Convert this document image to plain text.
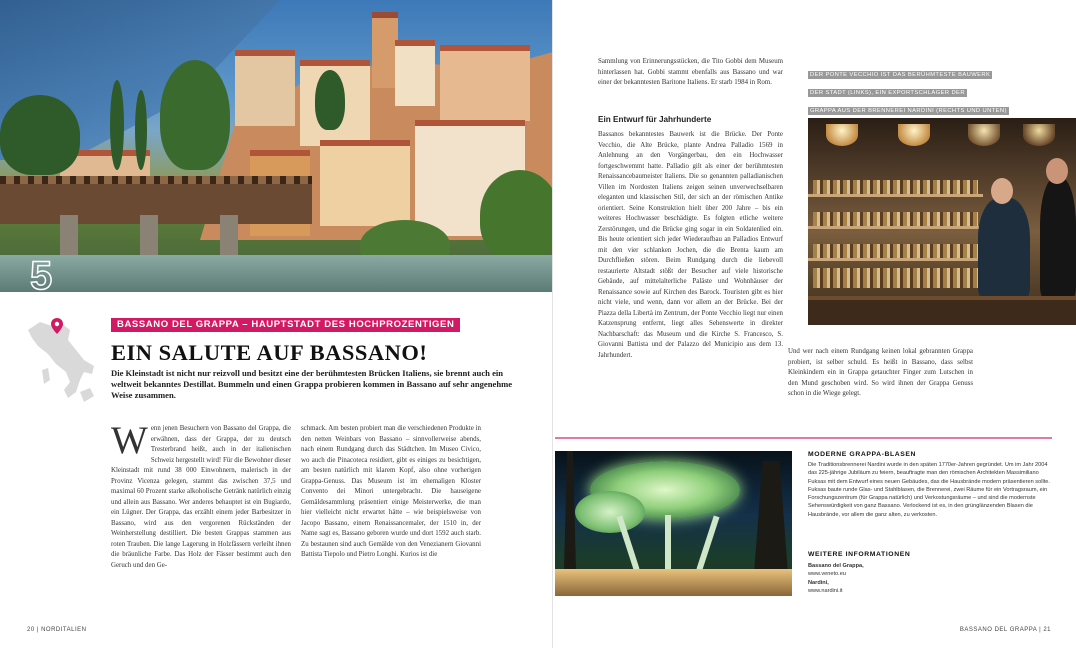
5
BASSANO DEL GRAPPA – HAUPTSTADT DES HOCHPROZENTIGEN
EIN SALUTE AUF BASSANO!
Die Kleinstadt ist nicht nur reizvoll und besitzt eine der berühmtesten Brücken Italiens, sie brennt auch ein weltweit bekanntes Destillat. Bummeln und einen Grappa probieren kommen in Bassano auf sehr angenehme Weise zusammen.
Wenn jenen Besuchern von Bassano del Grappa, die erwähnen, dass der Grappa, der zu deutsch Tresterbrand heißt, auch in der italienischen Schweiz hergestellt wird! Für die Bewohner dieser Kleinstadt mit rund 38 000 Einwohnern, malerisch in der Provinz Vicenza gelegen, stammt das zwischen 37,5 und maximal 60 Prozent starke alkoholische Getränk natürlich einzig und allein aus Bassano. Wer anderes behauptet ist ein Bugiardo, ein Lügner. Der Grappa, das erzählt einem jeder Barbesitzer in Bassano, wird aus den vergorenen Rückständen der Weinherstellung destilliert. Die besten Grappas stammen aus roten Trauben. Die lange Lagerung in Holzfässern verleiht ihnen die bräunliche Farbe. Das Holz der Fässer bestimmt auch den Geruch und den Ge-
schmack. Am besten probiert man die verschiedenen Produkte in den netten Weinbars von Bassano – sinnvollerweise abends, nach einem Rundgang durch das Städtchen. Im Museo Civico, wo auch die Pinacoteca residiert, gibt es einiges zu besichtigen, am besten natürlich mit klarem Kopf, also ohne vorherigen Grappa-Genuss. Das Museum ist im ehemaligen Kloster Convento dei Minori untergebracht. Die hauseigene Gemäldesammlung präsentiert einige Meisterwerke, die man hier vielleicht nicht erwartet hätte – wie beispielsweise von Jacopo Bassano, einem Renaissancemaler, der 1510 in, der Name sagt es, Bassano geboren wurde und dort 1592 auch starb. Zu bestaunen sind auch Gemälde von den Venezianern Giovanni Battista Tiepolo und Pietro Longhi. Kurios ist die
20 | NORDITALIEN
Sammlung von Erinnerungsstücken, die Tito Gobbi dem Museum hinterlassen hat. Gobbi stammt ebenfalls aus Bassano und war einer der bekanntesten Baritone Italiens. Er starb 1984 in Rom.
Ein Entwurf für Jahrhunderte
Bassanos bekanntestes Bauwerk ist die Brücke. Der Ponte Vecchio, die Alte Brücke, plante Andrea Palladio 1569 in Anlehnung an den Vorgängerbau, den ein Hochwasser fortgeschwemmt hatte. Palladio gilt als einer der berühmtesten Renaissancebaumeister Italiens. Die so genannten palladianischen Villen im Nordosten Italiens zeigen seinen unverwechselbaren eleganten und klassischen Stil, der sich an der römischen Antike orientiert. Seine Konstruktion hielt über 200 Jahre – bis ein weiteres Hochwasser beschädigte. Es folgten etliche weitere Zerstörungen, und die Brücke ging sogar in ein Soldatenlied ein. Bis heute orientiert sich jeder Wiederaufbau an Palladios Entwurf mit den vier schlanken Jochen, die die Brenta kaum am Durchfließen stören. Beim Rundgang durch die liebevoll restaurierte Altstadt stößt der Besucher auf viele historische Gebäude, auf mittelalterliche Paläste und Wohnhäuser der Renaissance sowie auf Kirchen des Barock. Touristen gibt es hier nicht viele, und wenn, dann vor allem an der Brücke. Bei der Piazza della Libertà im Zentrum, der Ponte Vecchio liegt nur einen Katzensprung entfernt, liegt alles Sehenswerte in direkter Nachbarschaft: das Museum und die Kirche S. Francesco, S. Giovanni Battista und der Palazzo del Municipio aus dem 13. Jahrhundert.
DER PONTE VECCHIO IST DAS BERÜHMTESTE BAUWERK
DER STADT (LINKS), EIN EXPORTSCHLAGER DER
GRAPPA AUS DER BRENNEREI NARDINI (RECHTS UND UNTEN)
Und wer nach einem Rundgang keinen lokal gebrannten Grappa probiert, ist selber schuld. Es heißt in Bassano, dass selbst Kleinkindern ein in Grappa getauchter Finger zum Lutschen in den Mund geschoben wird. So wird ihnen der Grappa Genuss schon in die Wiege gelegt.
MODERNE GRAPPA-BLASEN
Die Traditionsbrennerei Nardini wurde in den späten 1770er-Jahren gegründet. Um im Jahr 2004 das 225-jährige Jubiläum zu feiern, beauftragte man den römischen Architekten Massimiliano Fuksas mit dem Entwurf eines neuen Gebäudes, das die Hausbrände modern präsentieren sollte. Fuksas baute runde Glas- und Stahlblasen, die Brennerei, zwei Räume für ein Vortragsraum, ein Forschungszentrum (für Grappa natürlich) und Verkostungsräume – und sind die modernste Sehenswürdigkeit von ganz Bassano. Verlockend ist es, in den grünglänzenden Blasen die Hausbrände, vor allem die ganz alten, zu verkosten.
WEITERE INFORMATIONEN
Bassano del Grappa,
www.veneto.eu
Nardini,
www.nardini.it
BASSANO DEL GRAPPA | 21
